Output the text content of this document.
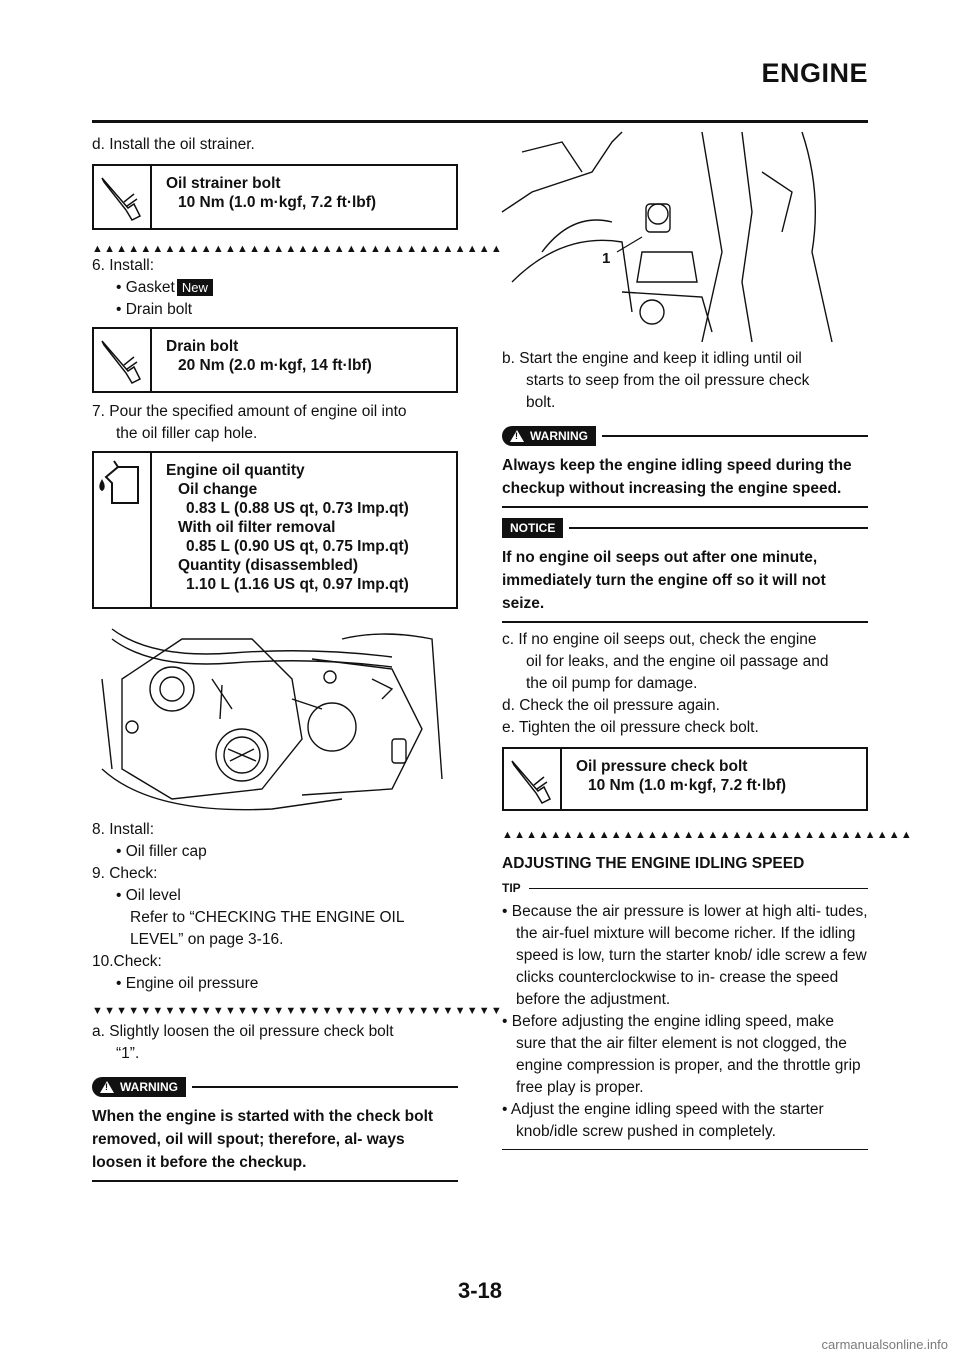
ENGINE
d. Install the oil strainer.
Oil strainer bolt
10 Nm (1.0 m·kgf, 7.2 ft·lbf)
▲▲▲▲▲▲▲▲▲▲▲▲▲▲▲▲▲▲▲▲▲▲▲▲▲▲▲▲▲▲▲▲▲▲
6. Install:
• Gasket New
• Drain bolt
Drain bolt
20 Nm (2.0 m·kgf, 14 ft·lbf)
7. Pour the specified amount of engine oil into
the oil filler cap hole.
Engine oil quantity
Oil change
0.83 L (0.88 US qt, 0.73 Imp.qt)
With oil filter removal
0.85 L (0.90 US qt, 0.75 Imp.qt)
Quantity (disassembled)
1.10 L (1.16 US qt, 0.97 Imp.qt)
8. Install:
• Oil filler cap
9. Check:
• Oil level
Refer to “CHECKING THE ENGINE OIL
LEVEL” on page 3-16.
10.Check:
• Engine oil pressure
▼▼▼▼▼▼▼▼▼▼▼▼▼▼▼▼▼▼▼▼▼▼▼▼▼▼▼▼▼▼▼▼▼▼
a. Slightly loosen the oil pressure check bolt
“1”.
!
WARNING
When the engine is started with the check bolt removed, oil will spout; therefore, al- ways loosen it before the checkup.
1
b. Start the engine and keep it idling until oil
starts to seep from the oil pressure check
bolt.
!
WARNING
Always keep the engine idling speed during the checkup without increasing the engine speed.
NOTICE
If no engine oil seeps out after one minute, immediately turn the engine off so it will not seize.
c. If no engine oil seeps out, check the engine
oil for leaks, and the engine oil passage and
the oil pump for damage.
d. Check the oil pressure again.
e. Tighten the oil pressure check bolt.
Oil pressure check bolt
10 Nm (1.0 m·kgf, 7.2 ft·lbf)
▲▲▲▲▲▲▲▲▲▲▲▲▲▲▲▲▲▲▲▲▲▲▲▲▲▲▲▲▲▲▲▲▲▲
ADJUSTING THE ENGINE IDLING SPEED
TIP
• Because the air pressure is lower at high alti- tudes, the air-fuel mixture will become richer. If the idling speed is low, turn the starter knob/ idle screw a few clicks counterclockwise to in- crease the speed before the adjustment.
• Before adjusting the engine idling speed, make sure that the air filter element is not clogged, the engine compression is proper, and the throttle grip free play is proper.
• Adjust the engine idling speed with the starter knob/idle screw pushed in completely.
3-18
carmanualsonline.info
